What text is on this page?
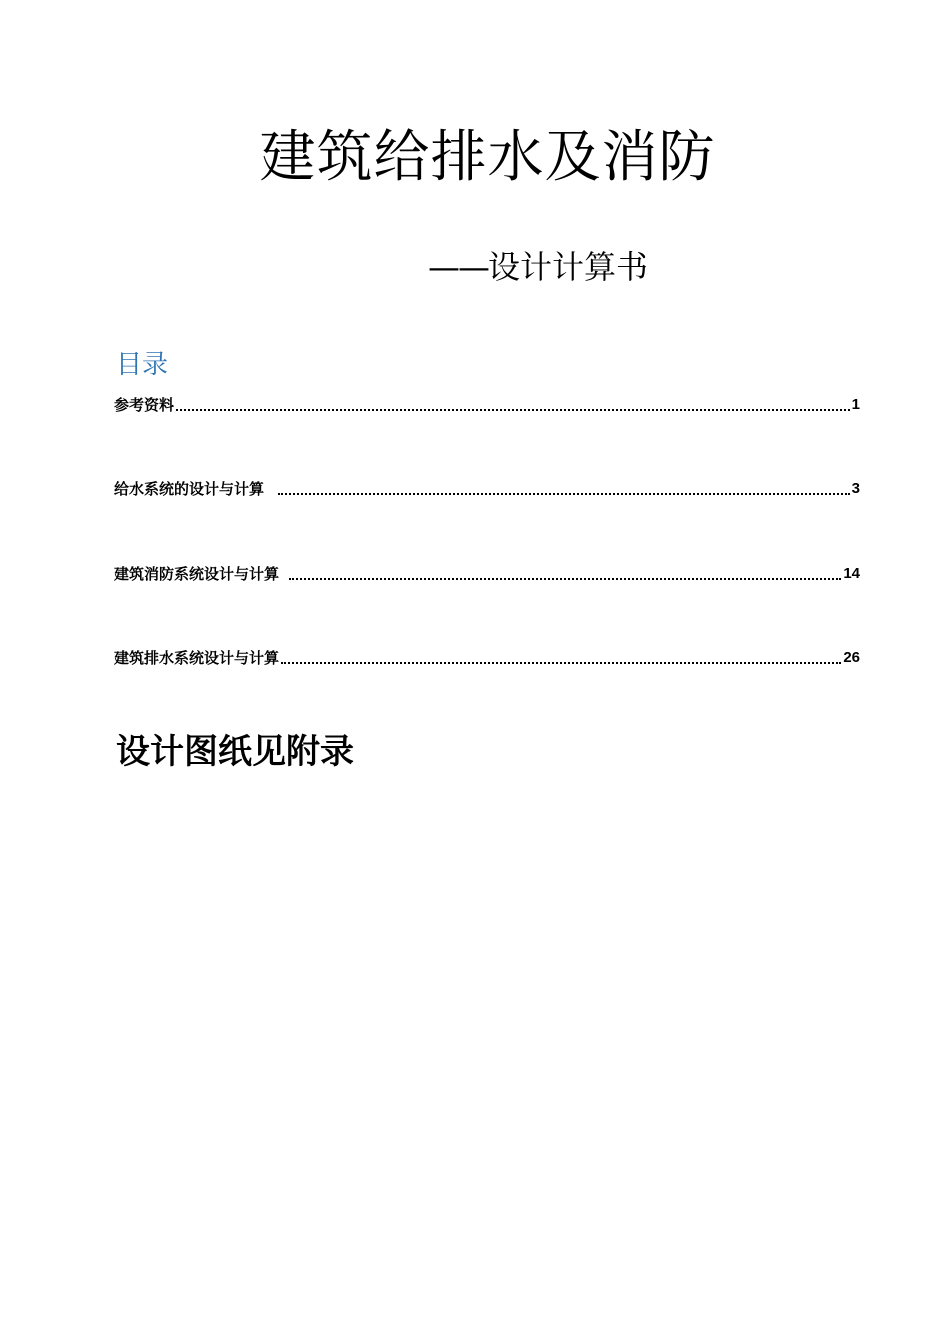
建筑给排水及消防
——设计计算书
目录
参考资料	1
给水系统的设计与计算	3
建筑消防系统设计与计算	14
建筑排水系统设计与计算	26
设计图纸见附录
